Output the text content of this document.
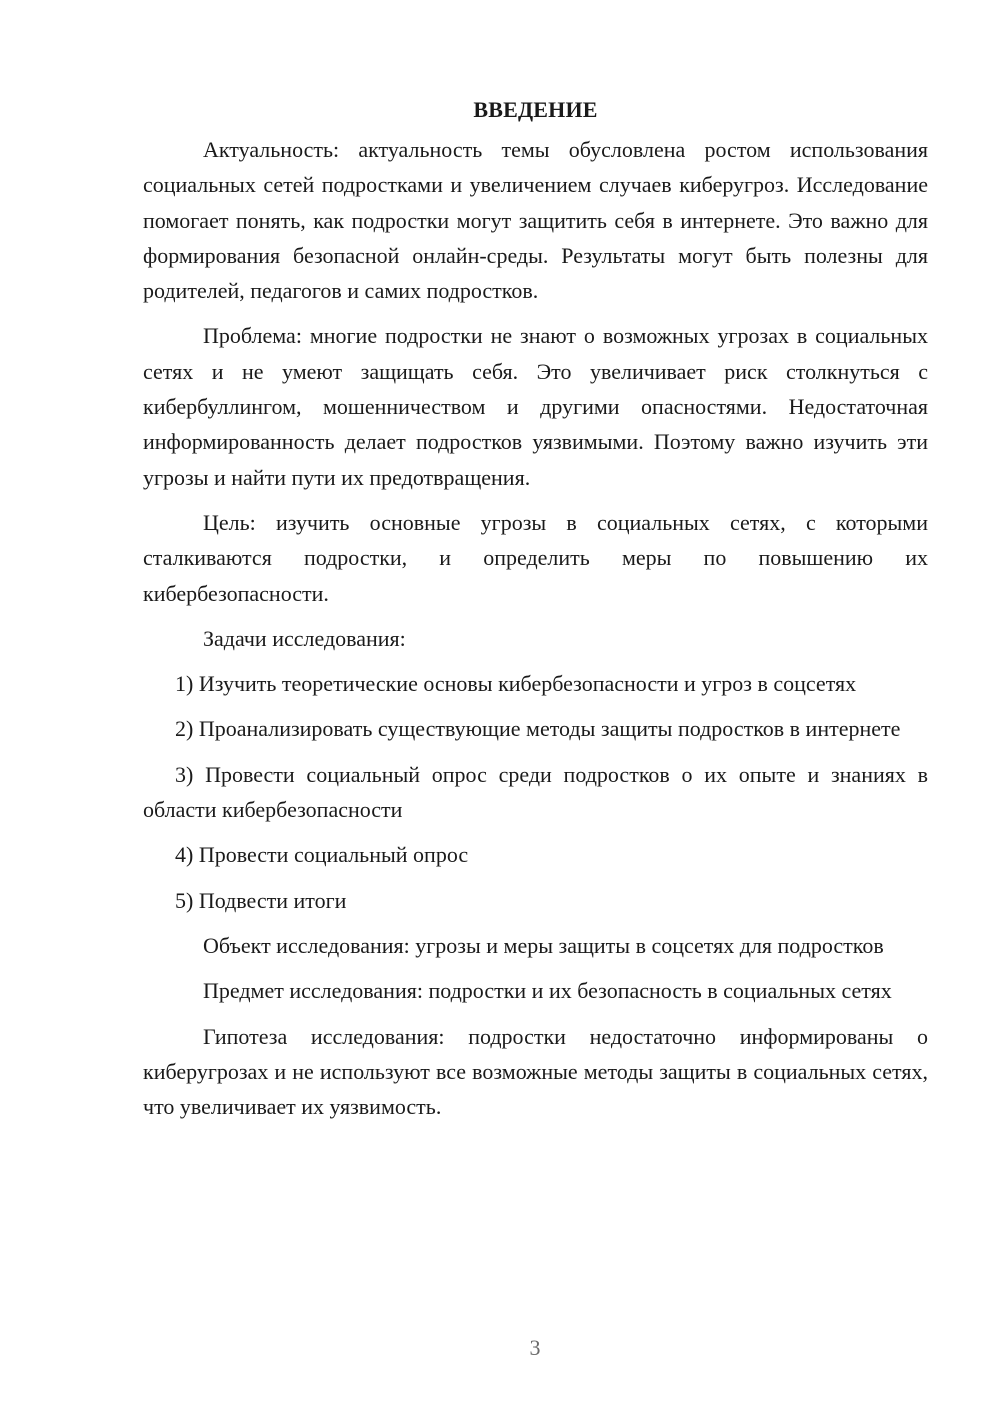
ВВЕДЕНИЕ

Актуальность: актуальность темы обусловлена ростом использования социальных сетей подростками и увеличением случаев киберугроз. Исследование помогает понять, как подростки могут защитить себя в интернете. Это важно для формирования безопасной онлайн-среды. Результаты могут быть полезны для родителей, педагогов и самих подростков.

Проблема: многие подростки не знают о возможных угрозах в социальных сетях и не умеют защищать себя. Это увеличивает риск столкнуться с кибербуллингом, мошенничеством и другими опасностями. Недостаточная информированность делает подростков уязвимыми. Поэтому важно изучить эти угрозы и найти пути их предотвращения.

Цель: изучить основные угрозы в социальных сетях, с которыми сталкиваются подростки, и определить меры по повышению их кибербезопасности.

Задачи исследования:

1) Изучить теоретические основы кибербезопасности и угроз в соцсетях

2) Проанализировать существующие методы защиты подростков в интернете

3) Провести социальный опрос среди подростков о их опыте и знаниях в области кибербезопасности

4) Провести социальный опрос

5) Подвести итоги

Объект исследования: угрозы и меры защиты в соцсетях для подростков

Предмет исследования: подростки и их безопасность в социальных сетях

Гипотеза исследования: подростки недостаточно информированы о киберугрозах и не используют все возможные методы защиты в социальных сетях, что увеличивает их уязвимость.

3
